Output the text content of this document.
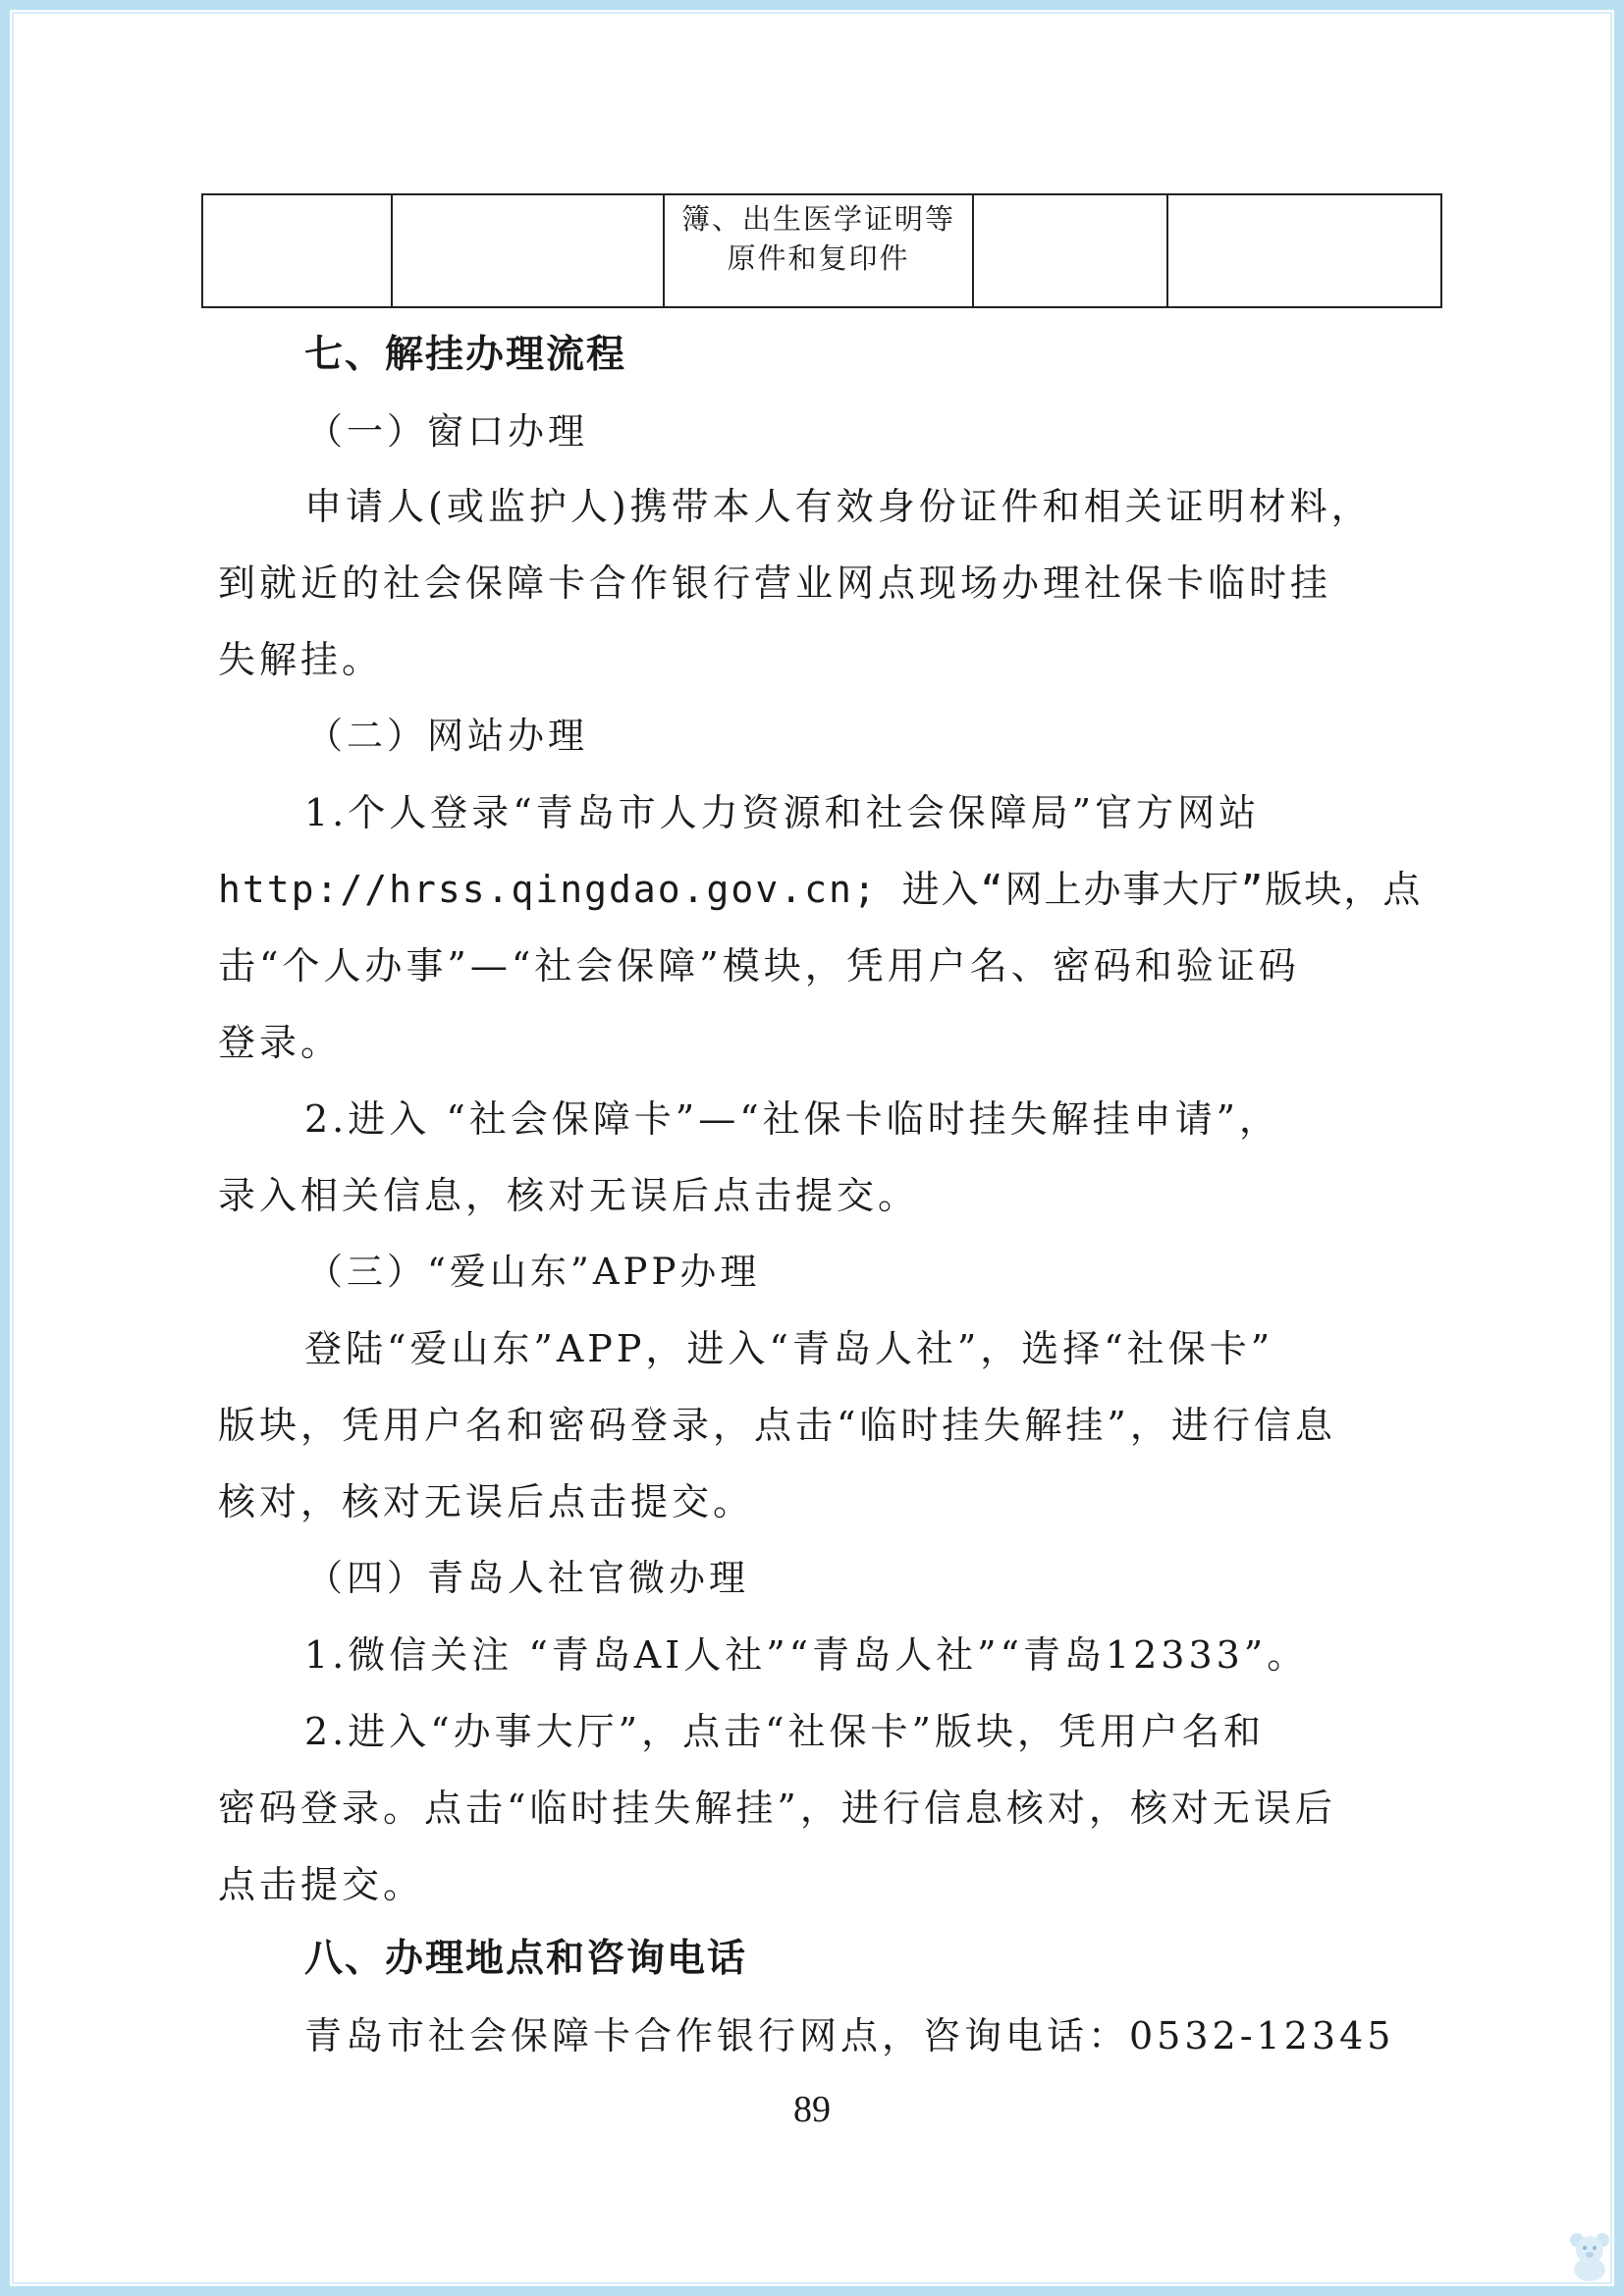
簿、出生医学证明等
原件和复印件

七、解挂办理流程
（一）窗口办理
申请人(或监护人)携带本人有效身份证件和相关证明材料，
到就近的社会保障卡合作银行营业网点现场办理社保卡临时挂
失解挂。
（二）网站办理
1.个人登录“青岛市人力资源和社会保障局”官方网站
http://hrss.qingdao.gov.cn; 进入“网上办事大厅”版块，点
击“个人办事”—“社会保障”模块，凭用户名、密码和验证码
登录。
2.进入 “社会保障卡”—“社保卡临时挂失解挂申请”，
录入相关信息，核对无误后点击提交。
（三）“爱山东”APP办理
登陆“爱山东”APP，进入“青岛人社”，选择“社保卡”
版块，凭用户名和密码登录，点击“临时挂失解挂”，进行信息
核对，核对无误后点击提交。
（四）青岛人社官微办理
1.微信关注 “青岛AI人社”“青岛人社”“青岛12333”。
2.进入“办事大厅”，点击“社保卡”版块，凭用户名和
密码登录。点击“临时挂失解挂”，进行信息核对，核对无误后
点击提交。
八、办理地点和咨询电话
青岛市社会保障卡合作银行网点，咨询电话：0532-12345
89
